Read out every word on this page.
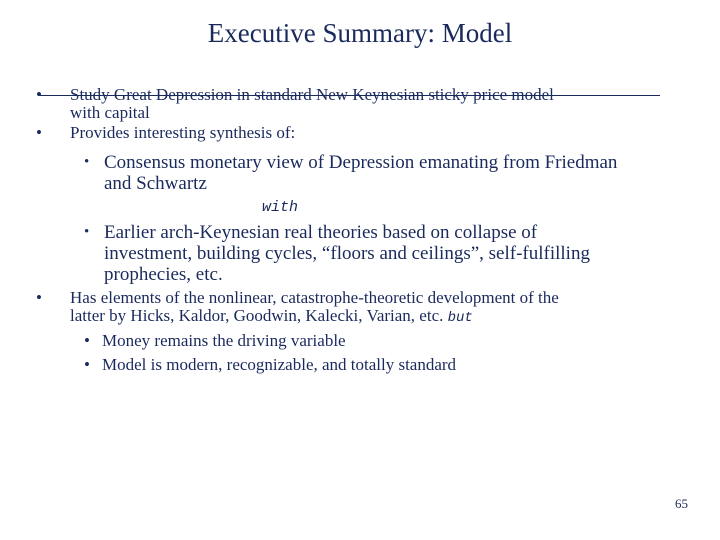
Executive Summary: Model
• Study Great Depression in standard New Keynesian sticky price model
with capital
• Provides interesting synthesis of:
• Consensus monetary view of Depression emanating from Friedman
and Schwartz
with
• Earlier arch-Keynesian real theories based on collapse of
investment, building cycles, “floors and ceilings”, self-fulfilling
prophecies, etc.
• Has elements of the nonlinear, catastrophe-theoretic development of the
latter by Hicks, Kaldor, Goodwin, Kalecki, Varian, etc. but
• Money remains the driving variable
• Model is modern, recognizable, and totally standard
65
